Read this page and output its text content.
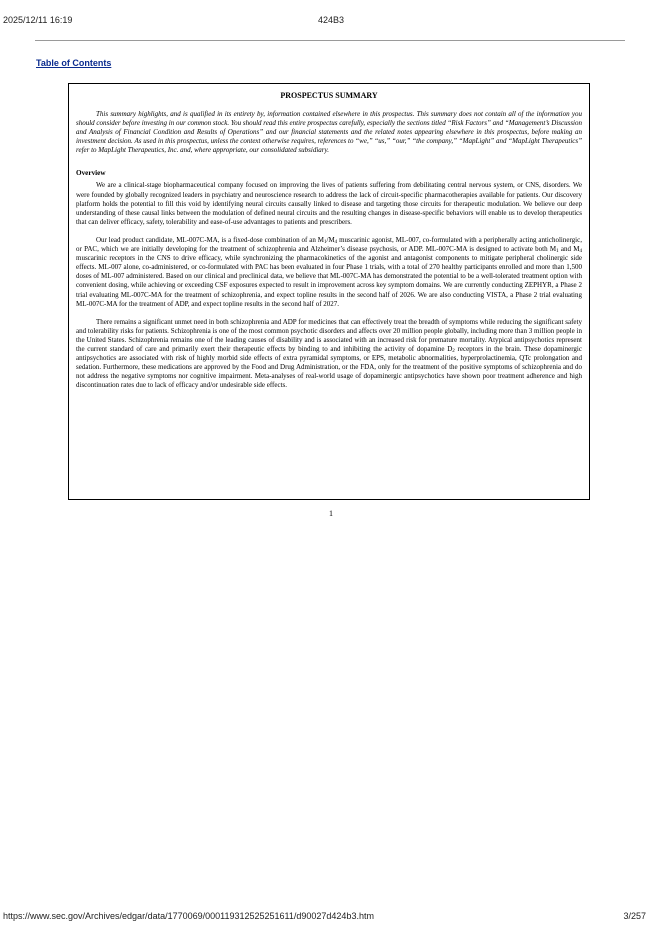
2025/12/11 16:19	424B3
Table of Contents
PROSPECTUS SUMMARY

This summary highlights, and is qualified in its entirety by, information contained elsewhere in this prospectus. This summary does not contain all of the information you should consider before investing in our common stock. You should read this entire prospectus carefully, especially the sections titled “Risk Factors” and “Management’s Discussion and Analysis of Financial Condition and Results of Operations” and our financial statements and the related notes appearing elsewhere in this prospectus, before making an investment decision. As used in this prospectus, unless the context otherwise requires, references to “we,” “us,” “our,” “the company,” “MapLight” and “MapLight Therapeutics” refer to MapLight Therapeutics, Inc. and, where appropriate, our consolidated subsidiary.

Overview

We are a clinical-stage biopharmaceutical company focused on improving the lives of patients suffering from debilitating central nervous system, or CNS, disorders. We were founded by globally recognized leaders in psychiatry and neuroscience research to address the lack of circuit-specific pharmacotherapies available for patients. Our discovery platform holds the potential to fill this void by identifying neural circuits causally linked to disease and targeting those circuits for therapeutic modulation. We believe our deep understanding of these causal links between the modulation of defined neural circuits and the resulting changes in disease-specific behaviors will enable us to develop therapeutics that can deliver efficacy, safety, tolerability and ease-of-use advantages to patients and prescribers.

Our lead product candidate, ML-007C-MA, is a fixed-dose combination of an $M_1/M_4$ muscarinic agonist, ML-007, co-formulated with a peripherally acting anticholinergic, or PAC, which we are initially developing for the treatment of schizophrenia and Alzheimer’s disease psychosis, or ADP. ML-007C-MA is designed to activate both $M_1$ and $M_4$ muscarinic receptors in the CNS to drive efficacy, while synchronizing the pharmacokinetics of the agonist and antagonist components to mitigate peripheral cholinergic side effects. ML-007 alone, co-administered, or co-formulated with PAC has been evaluated in four Phase 1 trials, with a total of 270 healthy participants enrolled and more than 1,500 doses of ML-007 administered. Based on our clinical and preclinical data, we believe that ML-007C-MA has demonstrated the potential to be a well-tolerated treatment option with convenient dosing, while achieving or exceeding CSF exposures expected to result in improvement across key symptom domains. We are currently conducting ZEPHYR, a Phase 2 trial evaluating ML-007C-MA for the treatment of schizophrenia, and expect topline results in the second half of 2026. We are also conducting VISTA, a Phase 2 trial evaluating ML-007C-MA for the treatment of ADP, and expect topline results in the second half of 2027.

There remains a significant unmet need in both schizophrenia and ADP for medicines that can effectively treat the breadth of symptoms while reducing the significant safety and tolerability risks for patients. Schizophrenia is one of the most common psychotic disorders and affects over 20 million people globally, including more than 3 million people in the United States. Schizophrenia remains one of the leading causes of disability and is associated with an increased risk for premature mortality. Atypical antipsychotics represent the current standard of care and primarily exert their therapeutic effects by binding to and inhibiting the activity of dopamine $D_2$ receptors in the brain. These dopaminergic antipsychotics are associated with risk of highly morbid side effects of extra pyramidal symptoms, or EPS, metabolic abnormalities, hyperprolactinemia, QTc prolongation and sedation. Furthermore, these medications are approved by the Food and Drug Administration, or the FDA, only for the treatment of the positive symptoms of schizophrenia and do not address the negative symptoms nor cognitive impairment. Meta-analyses of real-world usage of dopaminergic antipsychotics have shown poor treatment adherence and high discontinuation rates due to lack of efficacy and/or undesirable side effects.

1
https://www.sec.gov/Archives/edgar/data/1770069/000119312525251611/d90027d424b3.htm	3/257
